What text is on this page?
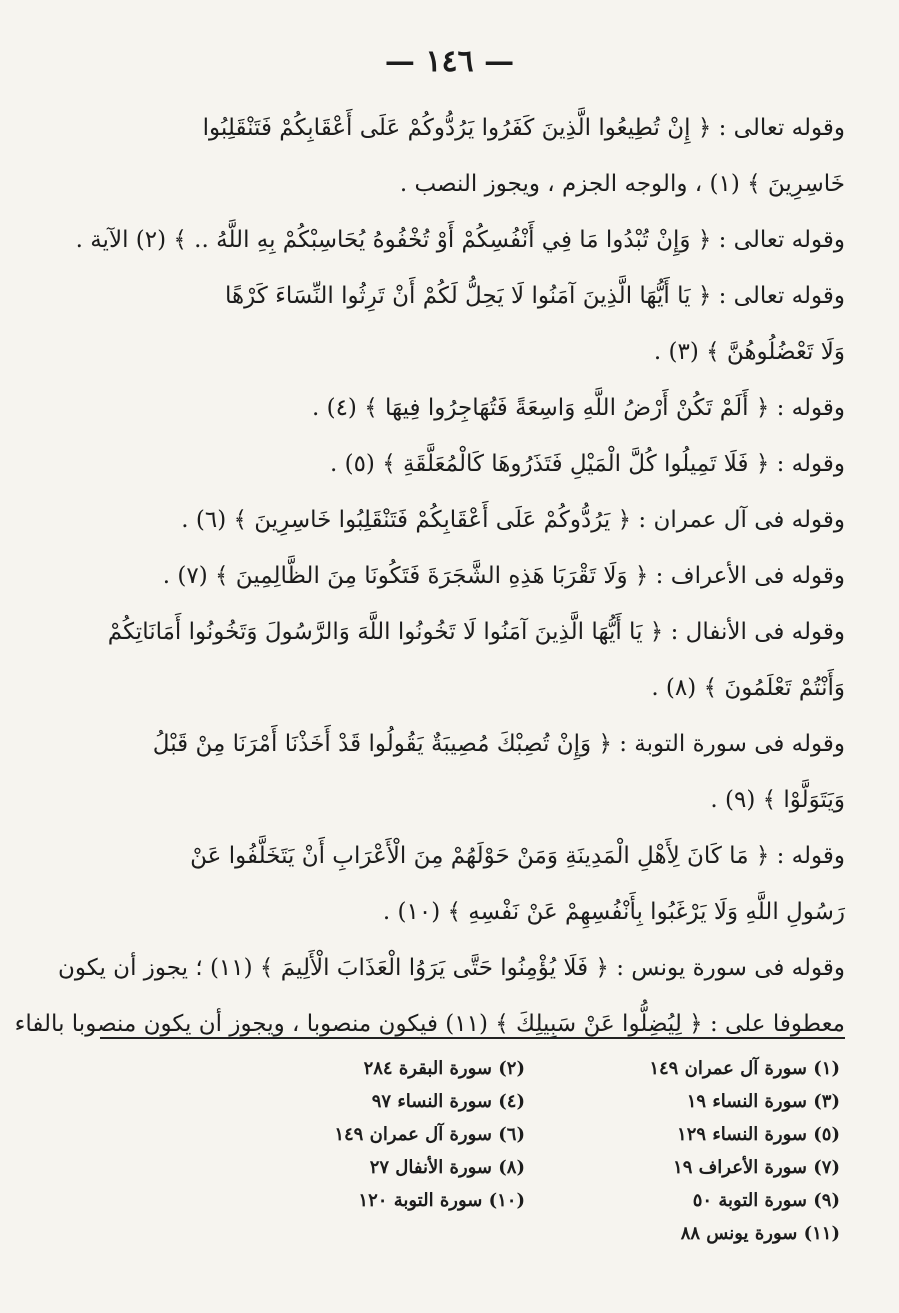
— ١٤٦ —
وقوله تعالى : ﴿ إِنْ تُطِيعُوا الَّذِينَ كَفَرُوا يَرُدُّوكُمْ عَلَى أَعْقَابِكُمْ فَتَنْقَلِبُوا
خَاسِرِينَ ﴾ (١) ، والوجه الجزم ، ويجوز النصب .
وقوله تعالى : ﴿ وَإِنْ تُبْدُوا مَا فِي أَنْفُسِكُمْ أَوْ تُخْفُوهُ يُحَاسِبْكُمْ بِهِ اللَّهُ .. ﴾ (٢) الآية .
وقوله تعالى : ﴿ يَا أَيُّهَا الَّذِينَ آمَنُوا لَا يَحِلُّ لَكُمْ أَنْ تَرِثُوا النِّسَاءَ كَرْهًا
وَلَا تَعْضُلُوهُنَّ ﴾ (٣) .
وقوله : ﴿ أَلَمْ تَكُنْ أَرْضُ اللَّهِ وَاسِعَةً فَتُهَاجِرُوا فِيهَا ﴾ (٤) .
وقوله : ﴿ فَلَا تَمِيلُوا كُلَّ الْمَيْلِ فَتَذَرُوهَا كَالْمُعَلَّقَةِ ﴾ (٥) .
وقوله فى آل عمران : ﴿ يَرُدُّوكُمْ عَلَى أَعْقَابِكُمْ فَتَنْقَلِبُوا خَاسِرِينَ ﴾ (٦) .
وقوله فى الأعراف : ﴿ وَلَا تَقْرَبَا هَذِهِ الشَّجَرَةَ فَتَكُونَا مِنَ الظَّالِمِينَ ﴾ (٧) .
وقوله فى الأنفال : ﴿ يَا أَيُّهَا الَّذِينَ آمَنُوا لَا تَخُونُوا اللَّهَ وَالرَّسُولَ وَتَخُونُوا أَمَانَاتِكُمْ
وَأَنْتُمْ تَعْلَمُونَ ﴾ (٨) .
وقوله فى سورة التوبة : ﴿ وَإِنْ تُصِبْكَ مُصِيبَةٌ يَقُولُوا قَدْ أَخَذْنَا أَمْرَنَا مِنْ قَبْلُ
وَيَتَوَلَّوْا ﴾ (٩) .
وقوله : ﴿ مَا كَانَ لِأَهْلِ الْمَدِينَةِ وَمَنْ حَوْلَهُمْ مِنَ الْأَعْرَابِ أَنْ يَتَخَلَّفُوا عَنْ
رَسُولِ اللَّهِ وَلَا يَرْغَبُوا بِأَنْفُسِهِمْ عَنْ نَفْسِهِ ﴾ (١٠) .
وقوله فى سورة يونس : ﴿ فَلَا يُؤْمِنُوا حَتَّى يَرَوُا الْعَذَابَ الْأَلِيمَ ﴾ (١١) ؛ يجوز أن يكون
معطوفا على : ﴿ لِيُضِلُّوا عَنْ سَبِيلِكَ ﴾ (١١) فيكون منصوبا ، ويجوز أن يكون منصوبا بالفاء
(١) سورة آل عمران ١٤٩
(٢) سورة البقرة ٢٨٤
(٣) سورة النساء ١٩
(٤) سورة النساء ٩٧
(٥) سورة النساء ١٢٩
(٦) سورة آل عمران ١٤٩
(٧) سورة الأعراف ١٩
(٨) سورة الأنفال ٢٧
(٩) سورة التوبة ٥٠
(١٠) سورة التوبة ١٢٠
(١١) سورة يونس ٨٨
